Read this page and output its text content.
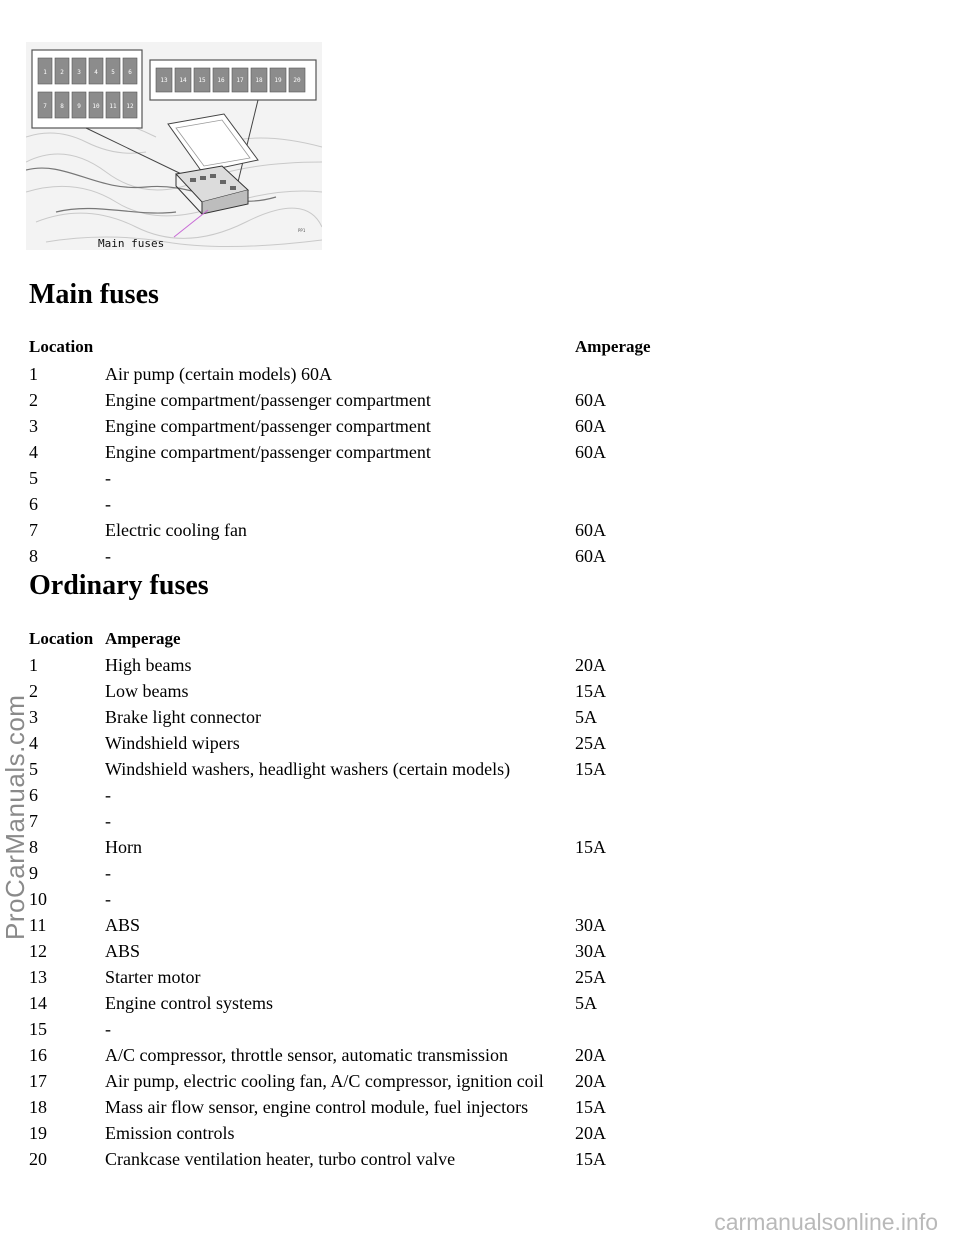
1 2 3 4 5 6
7 8 9 10 11 12
13 14 15 16 17 18 19 20
PP1
Main fuses
Main fuses
Location	Amperage
1	Air pump (certain models) 60A
2	Engine compartment/passenger compartment	60A
3	Engine compartment/passenger compartment	60A
4	Engine compartment/passenger compartment	60A
5	-
6	-
7	Electric cooling fan	60A
8	-	60A
Ordinary fuses
Location Amperage
1	High beams	20A
2	Low beams	15A
3	Brake light connector	5A
4	Windshield wipers	25A
5	Windshield washers, headlight washers (certain models)	15A
6	-
7	-
8	Horn	15A
9	-
10	-
11	ABS	30A
12	ABS	30A
13	Starter motor	25A
14	Engine control systems	5A
15	-
16	A/C compressor, throttle sensor, automatic transmission	20A
17	Air pump, electric cooling fan, A/C compressor, ignition coil 20A
18	Mass air flow sensor, engine control module, fuel injectors	15A
19	Emission controls	20A
20	Crankcase ventilation heater, turbo control valve	15A
ProCarManuals.com
carmanualsonline.info
